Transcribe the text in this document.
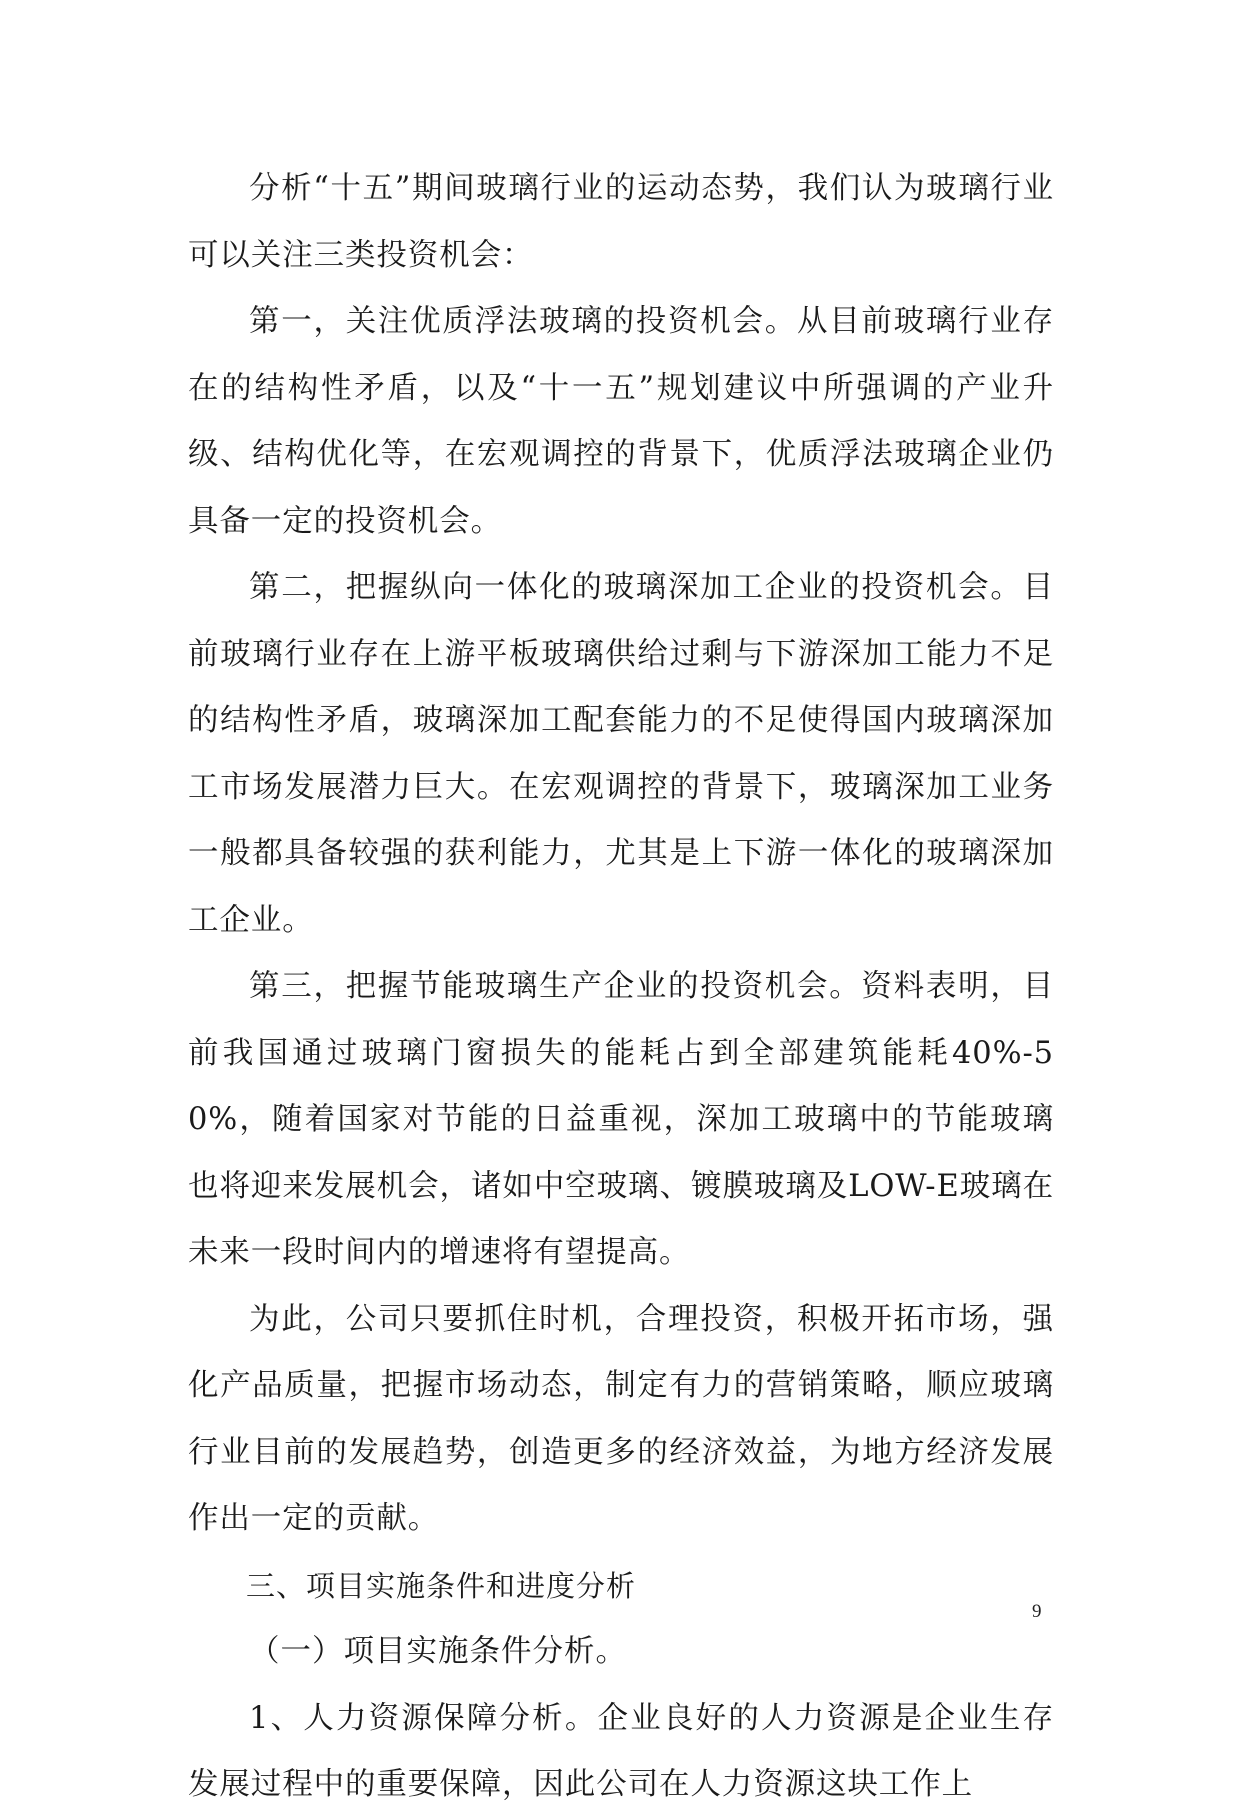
分析“十五”期间玻璃行业的运动态势，我们认为玻璃行业可以关注三类投资机会：

第一，关注优质浮法玻璃的投资机会。从目前玻璃行业存在的结构性矛盾，以及“十一五”规划建议中所强调的产业升级、结构优化等，在宏观调控的背景下，优质浮法玻璃企业仍具备一定的投资机会。

第二，把握纵向一体化的玻璃深加工企业的投资机会。目前玻璃行业存在上游平板玻璃供给过剩与下游深加工能力不足的结构性矛盾，玻璃深加工配套能力的不足使得国内玻璃深加工市场发展潜力巨大。在宏观调控的背景下，玻璃深加工业务一般都具备较强的获利能力，尤其是上下游一体化的玻璃深加工企业。

第三，把握节能玻璃生产企业的投资机会。资料表明，目前我国通过玻璃门窗损失的能耗占到全部建筑能耗40%-50%，随着国家对节能的日益重视，深加工玻璃中的节能玻璃也将迎来发展机会，诸如中空玻璃、镀膜玻璃及LOW-E玻璃在未来一段时间内的增速将有望提高。

为此，公司只要抓住时机，合理投资，积极开拓市场，强化产品质量，把握市场动态，制定有力的营销策略，顺应玻璃行业目前的发展趋势，创造更多的经济效益，为地方经济发展作出一定的贡献。

三、项目实施条件和进度分析

（一）项目实施条件分析。

1、人力资源保障分析。企业良好的人力资源是企业生存发展过程中的重要保障，因此公司在人力资源这块工作上

9
